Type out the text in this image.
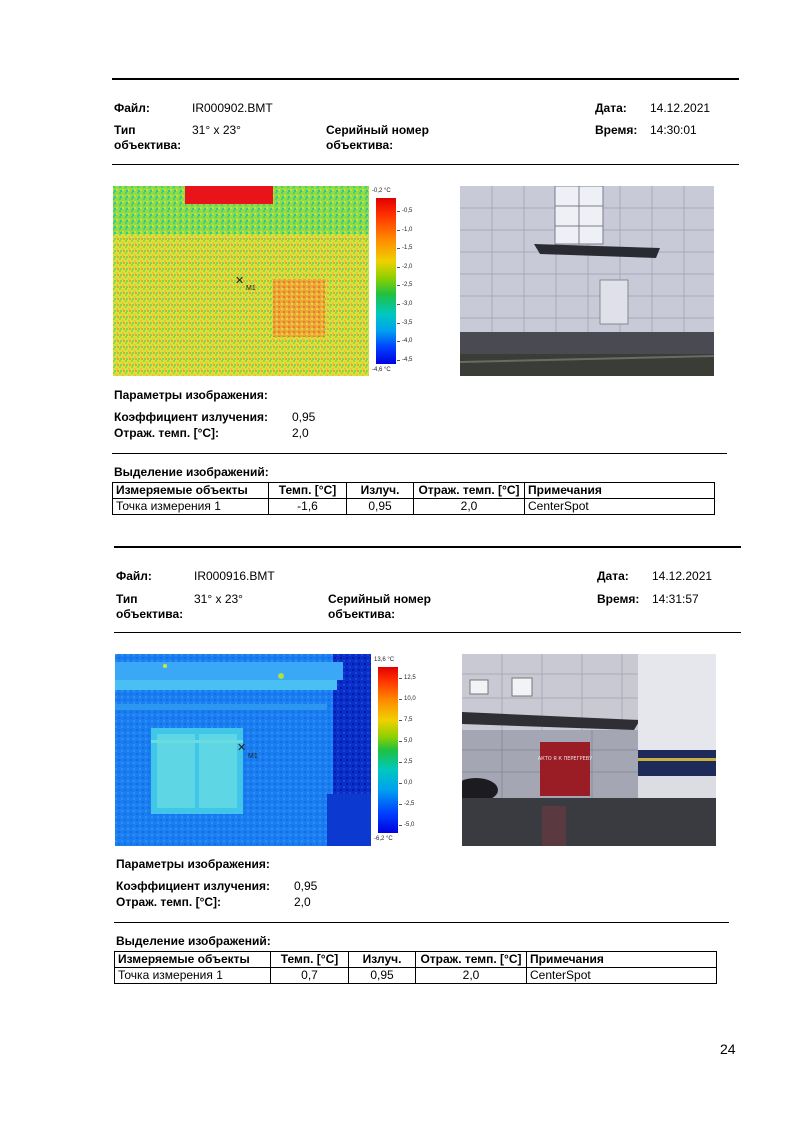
Файл:	IR000902.BMT	Дата: 14.12.2021
Тип объектива:
31° x 23°	Серийный номер объектива:
Время: 14:30:01
✕
M1
-0,2 °C
-4,6 °C
-0,5
-1,0
-1,5
-2,0
-2,5
-3,0
-3,5
-4,0
-4,5
Параметры изображения:
Коэффициент излучения: 0,95
Отраж. темп. [°C]:	2,0
Выделение изображений:
Измеряемые объекты	Темп. [°C]	Излуч.	Отраж. темп. [°C]	Примечания
Точка измерения 1	-1,6	0,95	2,0	CenterSpot
Файл:	IR000916.BMT	Дата: 14.12.2021
Тип объектива:
31° x 23°	Серийный номер объектива:
Время: 14:31:57
✕
M1
13,6 °C
-6,2 °C
12,5
10,0
7,5
5,0
2,5
0,0
-2,5
-5,0
АКТО Я К ПЕРЕГРЕВУ
Параметры изображения:
Коэффициент излучения: 0,95
Отраж. темп. [°C]:	2,0
Выделение изображений:
Измеряемые объекты	Темп. [°C]	Излуч.	Отраж. темп. [°C]	Примечания
Точка измерения 1	0,7	0,95	2,0	CenterSpot
24
